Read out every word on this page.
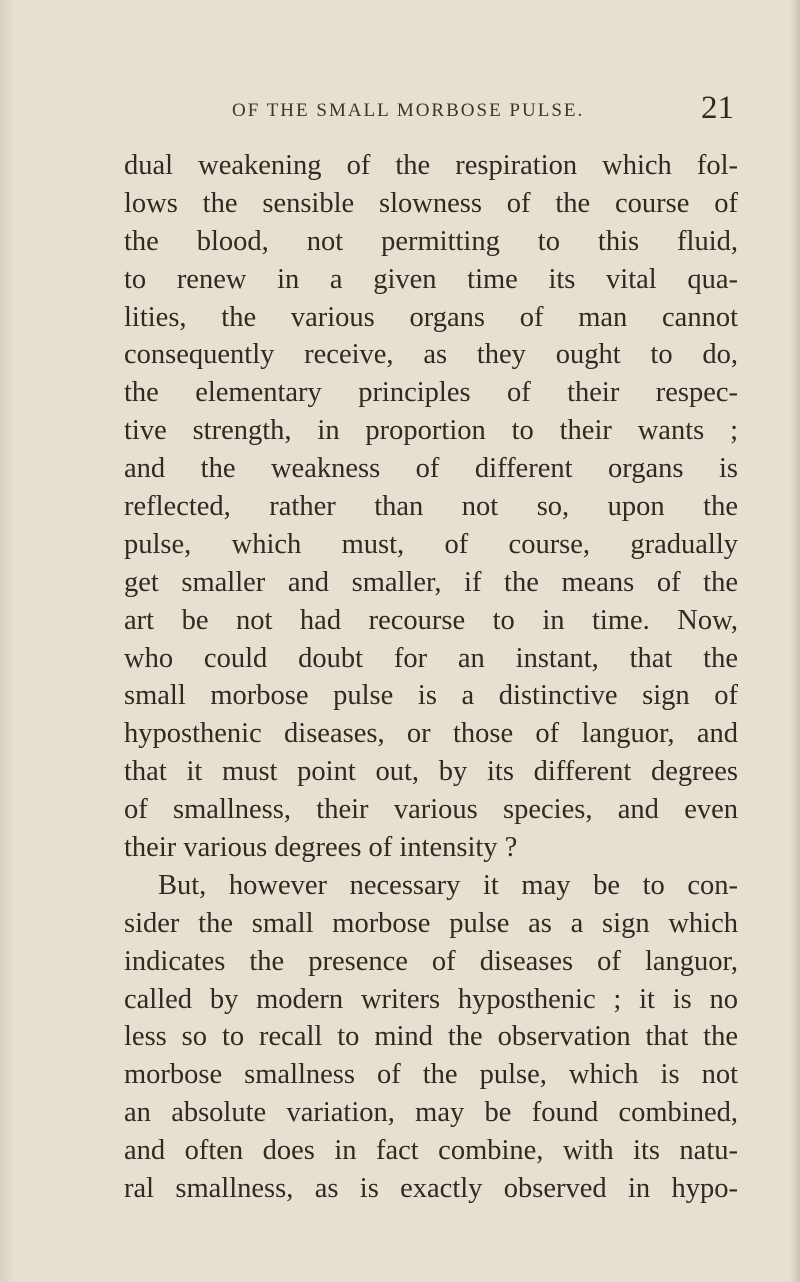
OF THE SMALL MORBOSE PULSE.	21
dual weakening of the respiration which fol-
lows the sensible slowness of the course of
the blood, not permitting to this fluid,
to renew in a given time its vital qua-
lities, the various organs of man cannot
consequently receive, as they ought to do,
the elementary principles of their respec-
tive strength, in proportion to their wants ;
and the weakness of different organs is
reflected, rather than not so, upon the
pulse, which must, of course, gradually
get smaller and smaller, if the means of the
art be not had recourse to in time. Now,
who could doubt for an instant, that the
small morbose pulse is a distinctive sign of
hyposthenic diseases, or those of languor, and
that it must point out, by its different degrees
of smallness, their various species, and even
their various degrees of intensity ?
But, however necessary it may be to con-
sider the small morbose pulse as a sign which
indicates the presence of diseases of languor,
called by modern writers hyposthenic ; it is no
less so to recall to mind the observation that the
morbose smallness of the pulse, which is not
an absolute variation, may be found combined,
and often does in fact combine, with its natu-
ral smallness, as is exactly observed in hypo-
